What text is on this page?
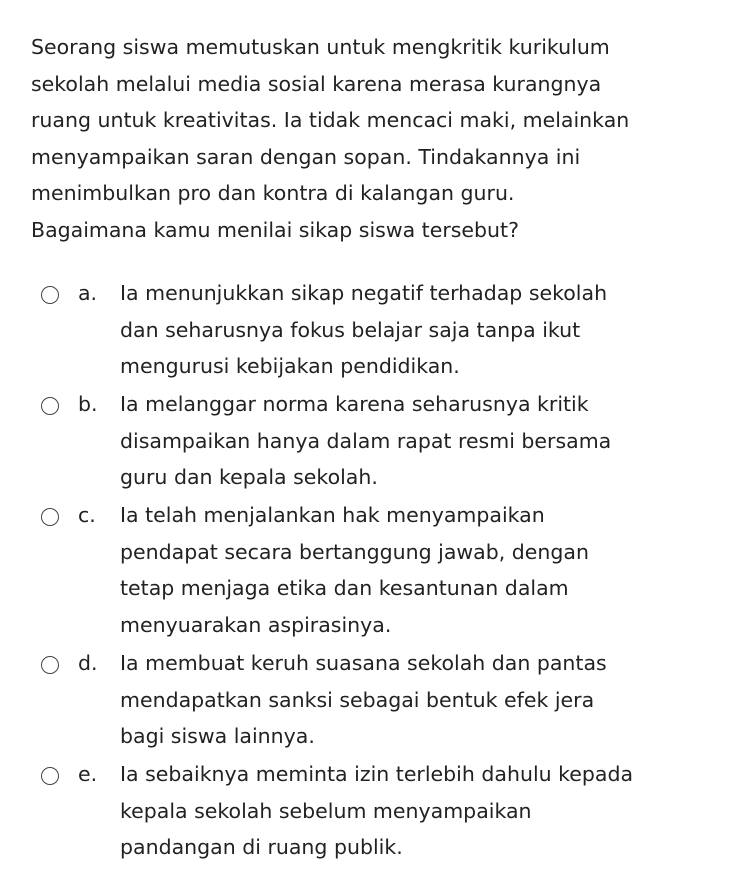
Seorang siswa memutuskan untuk mengkritik kurikulum
sekolah melalui media sosial karena merasa kurangnya
ruang untuk kreativitas. Ia tidak mencaci maki, melainkan
menyampaikan saran dengan sopan. Tindakannya ini
menimbulkan pro dan kontra di kalangan guru.
Bagaimana kamu menilai sikap siswa tersebut?
a. Ia menunjukkan sikap negatif terhadap sekolah
dan seharusnya fokus belajar saja tanpa ikut
mengurusi kebijakan pendidikan.
b. Ia melanggar norma karena seharusnya kritik
disampaikan hanya dalam rapat resmi bersama
guru dan kepala sekolah.
c. Ia telah menjalankan hak menyampaikan
pendapat secara bertanggung jawab, dengan
tetap menjaga etika dan kesantunan dalam
menyuarakan aspirasinya.
d. Ia membuat keruh suasana sekolah dan pantas
mendapatkan sanksi sebagai bentuk efek jera
bagi siswa lainnya.
e. Ia sebaiknya meminta izin terlebih dahulu kepada
kepala sekolah sebelum menyampaikan
pandangan di ruang publik.
